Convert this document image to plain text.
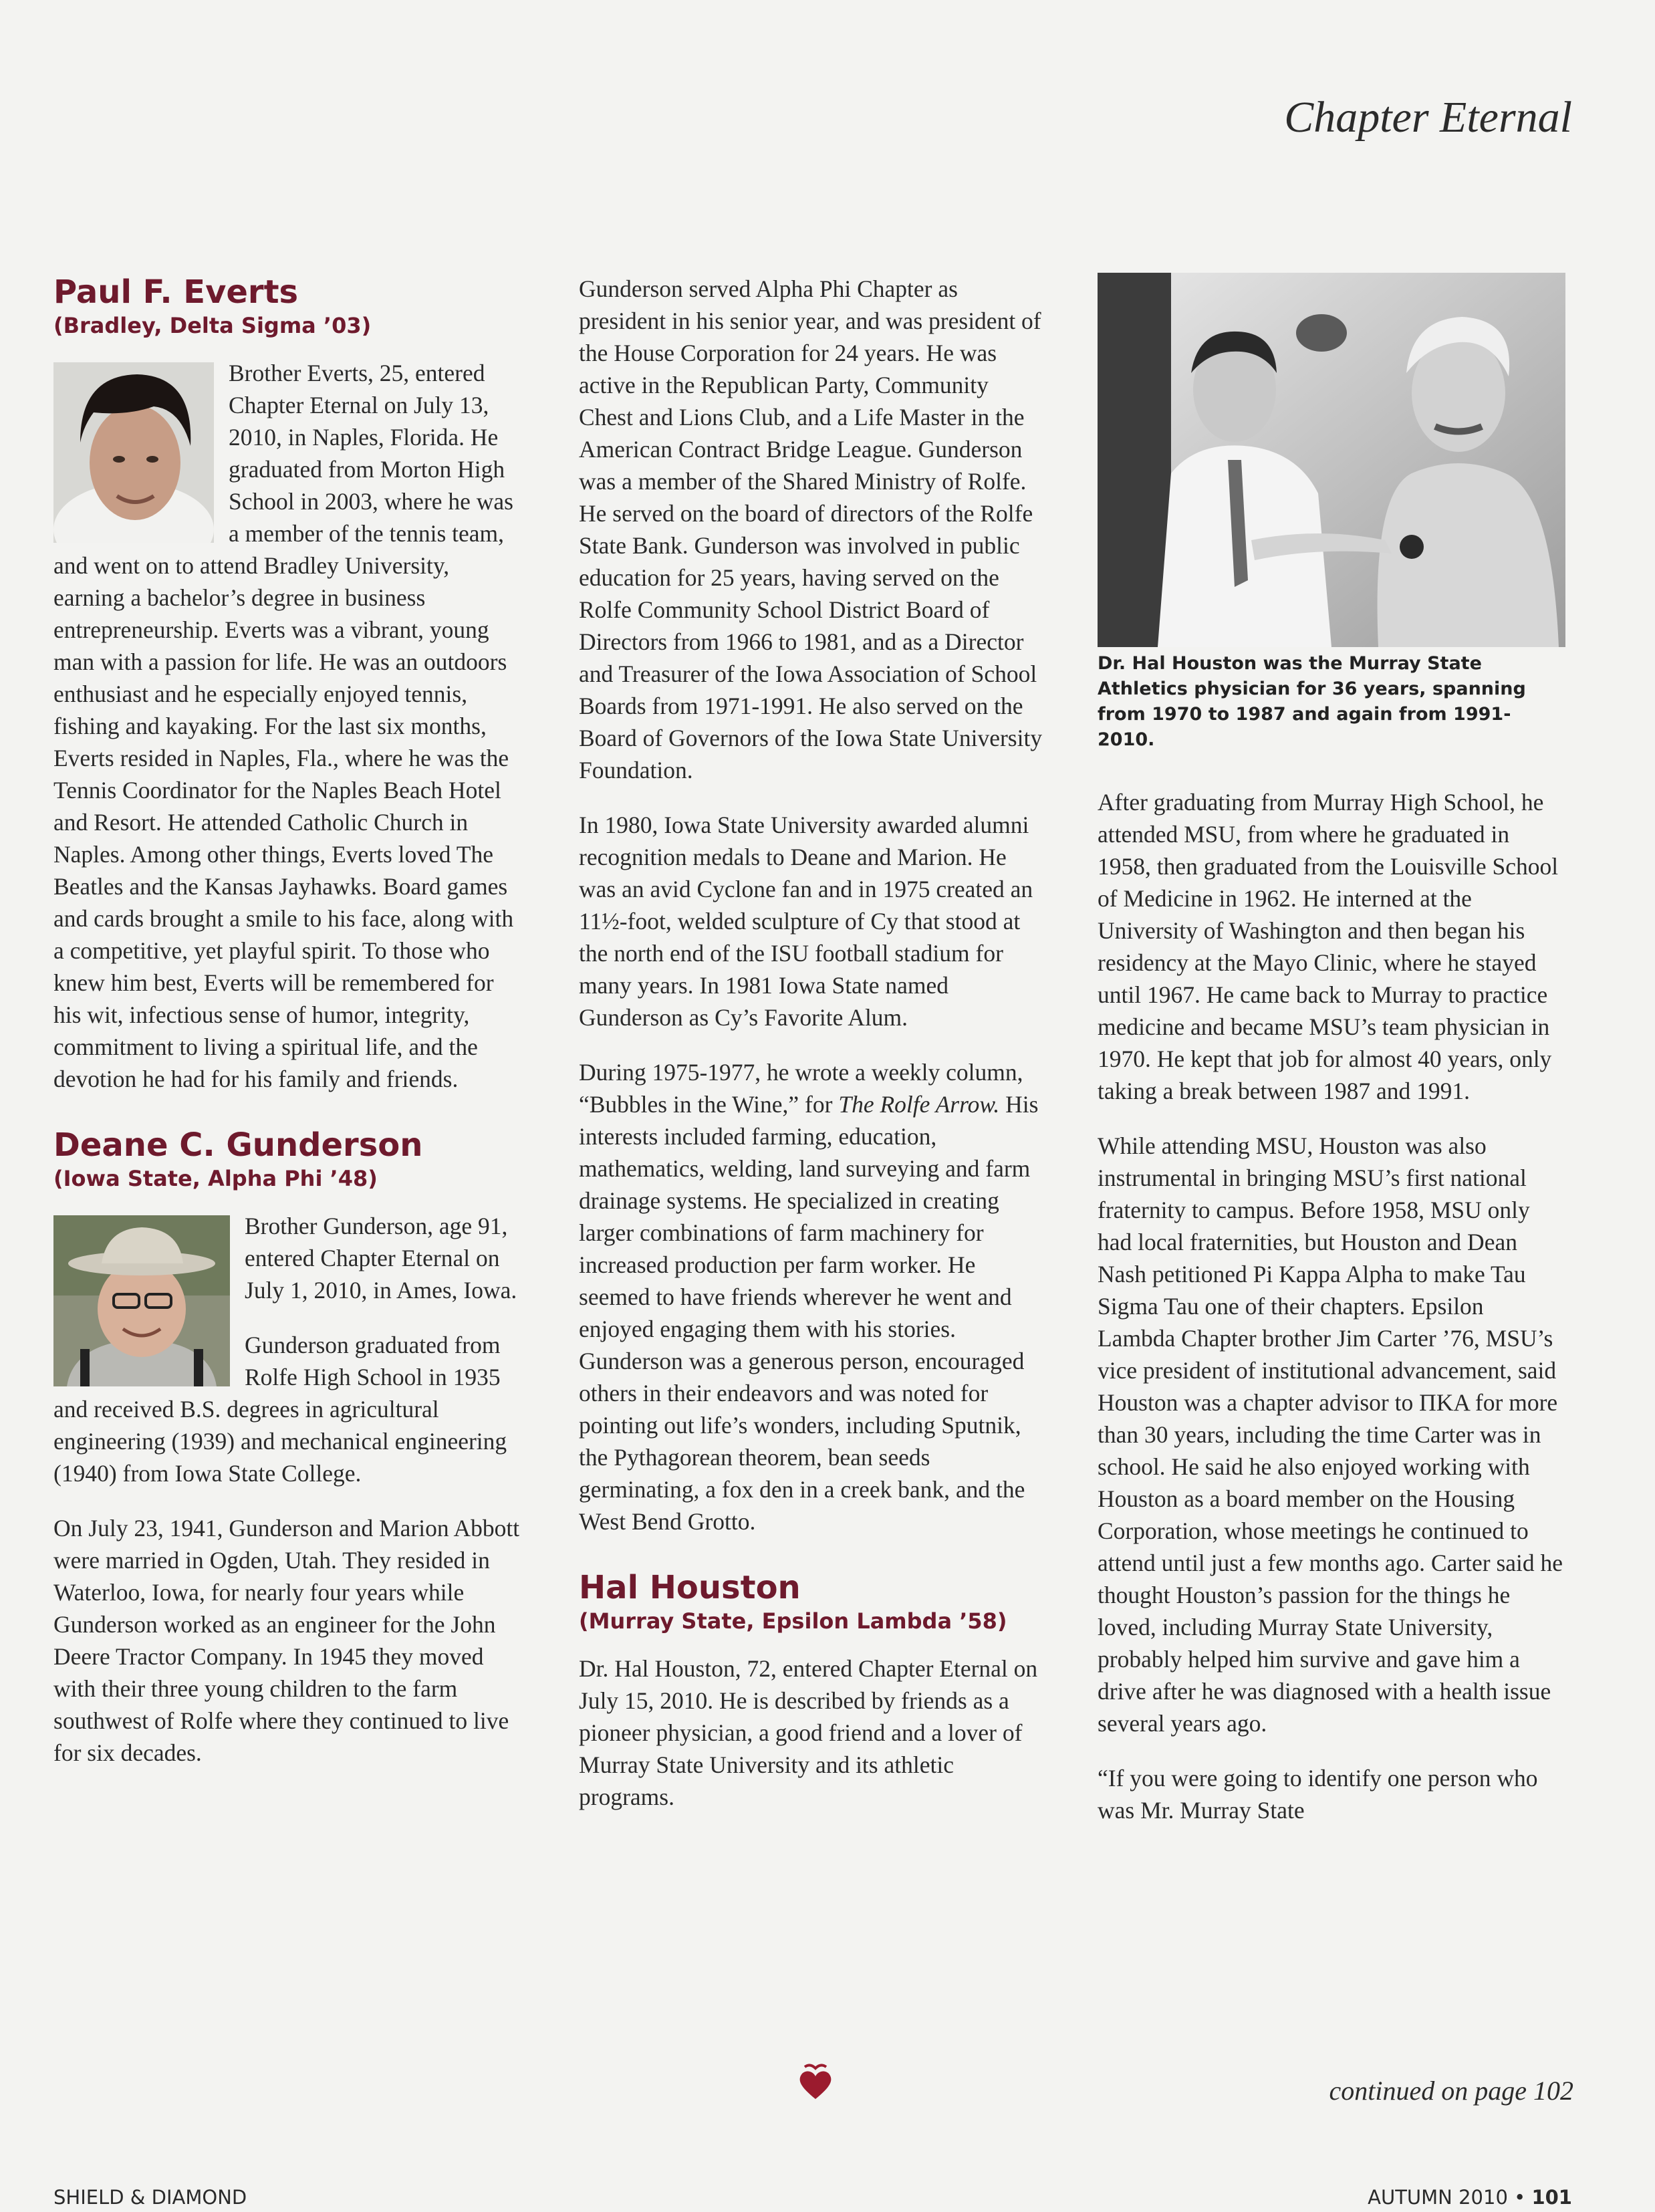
Chapter Eternal
Paul F. Everts
(Bradley, Delta Sigma ’03)

Brother Everts, 25, entered Chapter Eternal on July 13, 2010, in Naples, Florida. He graduated from Morton High School in 2003, where he was a member of the tennis team, and went on to attend Bradley University, earning a bachelor’s degree in business entrepreneurship. Everts was a vibrant, young man with a passion for life. He was an outdoors enthusiast and he especially enjoyed tennis, fishing and kayaking. For the last six months, Everts resided in Naples, Fla., where he was the Tennis Coordinator for the Naples Beach Hotel and Resort. He attended Catholic Church in Naples. Among other things, Everts loved The Beatles and the Kansas Jayhawks. Board games and cards brought a smile to his face, along with a competitive, yet playful spirit. To those who knew him best, Everts will be remembered for his wit, infectious sense of humor, integrity, commitment to living a spiritual life, and the devotion he had for his family and friends.

Deane C. Gunderson
(Iowa State, Alpha Phi ’48)

Brother Gunderson, age 91, entered Chapter Eternal on July 1, 2010, in Ames, Iowa.

Gunderson graduated from Rolfe High School in 1935 and received B.S. degrees in agricultural engineering (1939) and mechanical engineering (1940) from Iowa State College.

On July 23, 1941, Gunderson and Marion Abbott were married in Ogden, Utah. They resided in Waterloo, Iowa, for nearly four years while Gunderson worked as an engineer for the John Deere Tractor Company. In 1945 they moved with their three young children to the farm southwest of Rolfe where they continued to live for six decades.

Gunderson served Alpha Phi Chapter as president in his senior year, and was president of the House Corporation for 24 years. He was active in the Republican Party, Community Chest and Lions Club, and a Life Master in the American Contract Bridge League. Gunderson was a member of the Shared Ministry of Rolfe. He served on the board of directors of the Rolfe State Bank. Gunderson was involved in public education for 25 years, having served on the Rolfe Community School District Board of Directors from 1966 to 1981, and as a Director and Treasurer of the Iowa Association of School Boards from 1971-1991. He also served on the Board of Governors of the Iowa State University Foundation.

In 1980, Iowa State University awarded alumni recognition medals to Deane and Marion. He was an avid Cyclone fan and in 1975 created an 11½-foot, welded sculpture of Cy that stood at the north end of the ISU football stadium for many years. In 1981 Iowa State named Gunderson as Cy’s Favorite Alum.

During 1975-1977, he wrote a weekly column, “Bubbles in the Wine,” for The Rolfe Arrow. His interests included farming, education, mathematics, welding, land surveying and farm drainage systems. He specialized in creating larger combinations of farm machinery for increased production per farm worker. He seemed to have friends wherever he went and enjoyed engaging them with his stories. Gunderson was a generous person, encouraged others in their endeavors and was noted for pointing out life’s wonders, including Sputnik, the Pythagorean theorem, bean seeds germinating, a fox den in a creek bank, and the West Bend Grotto.

Hal Houston
(Murray State, Epsilon Lambda ’58)

Dr. Hal Houston, 72, entered Chapter Eternal on July 15, 2010. He is described by friends as a pioneer physician, a good friend and a lover of Murray State University and its athletic programs.

Dr. Hal Houston was the Murray State Athletics physician for 36 years, spanning from 1970 to 1987 and again from 1991-2010.

After graduating from Murray High School, he attended MSU, from where he graduated in 1958, then graduated from the Louisville School of Medicine in 1962. He interned at the University of Washington and then began his residency at the Mayo Clinic, where he stayed until 1967. He came back to Murray to practice medicine and became MSU’s team physician in 1970. He kept that job for almost 40 years, only taking a break between 1987 and 1991.

While attending MSU, Houston was also instrumental in bringing MSU’s first national fraternity to campus. Before 1958, MSU only had local fraternities, but Houston and Dean Nash petitioned Pi Kappa Alpha to make Tau Sigma Tau one of their chapters. Epsilon Lambda Chapter brother Jim Carter ’76, MSU’s vice president of institutional advancement, said Houston was a chapter advisor to ΠΚΑ for more than 30 years, including the time Carter was in school. He said he also enjoyed working with Houston as a board member on the Housing Corporation, whose meetings he continued to attend until just a few months ago. Carter said he thought Houston’s passion for the things he loved, including Murray State University, probably helped him survive and gave him a drive after he was diagnosed with a health issue several years ago.

“If you were going to identify one person who was Mr. Murray State

continued on page 102
SHIELD & DIAMOND	AUTUMN 2010 • 101
